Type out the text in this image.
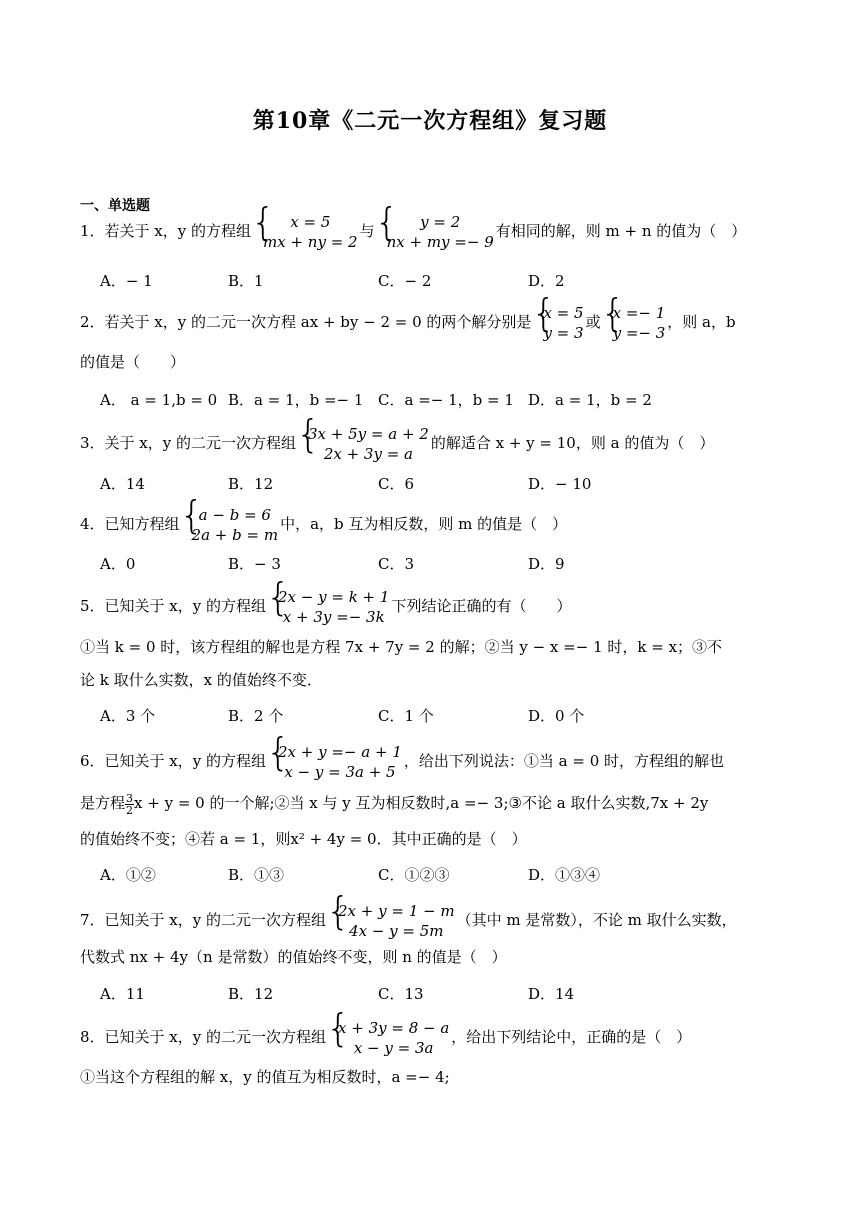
第10章《二元一次方程组》复习题
一、单选题
1．若关于 x，y 的方程组	{ x = 5
mx + ny = 2
与	{ y = 2
nx + my =− 9
有相同的解，则 m + n 的值为（　）
A．− 1	B．1	C．− 2	D．2
2．若关于 x，y 的二元一次方程 ax + by − 2 = 0 的两个解分别是 { x = 5
y = 3
或 { x =− 1
y =− 3
，则 a，b
的值是（　　）
A． a = 1,b = 0 B．a = 1，b =− 1 C．a =− 1，b = 1 D．a = 1，b = 2
3．关于 x，y 的二元一次方程组 { 3x + 5y = a + 2
2x + 3y = a
的解适合 x + y = 10，则 a 的值为（　）
A．14	B．12	C．6	D．− 10
4．已知方程组	{ a − b = 6
2a + b = m
中，a，b 互为相反数，则 m 的值是（　）
A．0	B．− 3	C．3	D．9
5．已知关于 x，y 的方程组 { 2x − y = k + 1
x + 3y =− 3k
下列结论正确的有（　　）
①当 k = 0 时，该方程组的解也是方程 7x + 7y = 2 的解；②当 y − x =− 1 时，k = x；③不
论 k 取什么实数，x 的值始终不变．
A．3 个	B．2 个	C．1 个	D．0 个
6．已知关于 x，y 的方程组 { 2x + y =− a + 1
x − y = 3a + 5
，给出下列说法：①当 a = 0 时，方程组的解也
是方程 $\frac{3}{2}$ x + y = 0 的一个解;②当 x 与 y 互为相反数时,a =− 3;③不论 a 取什么实数,7x + 2y
的值始终不变；④若 a = 1，则x² + 4y = 0．其中正确的是（　）
A．①②	B．①③	C．①②③	D．①③④
7．已知关于 x，y 的二元一次方程组 { 2x + y = 1 − m
4x − y = 5m
（其中 m 是常数），不论 m 取什么实数，
代数式 nx + 4y（n 是常数）的值始终不变，则 n 的值是（　）
A．11	B．12	C．13	D．14
8．已知关于 x，y 的二元一次方程组 { x + 3y = 8 − a
x − y = 3a
，给出下列结论中，正确的是（　）
①当这个方程组的解 x，y 的值互为相反数时，a =− 4;
